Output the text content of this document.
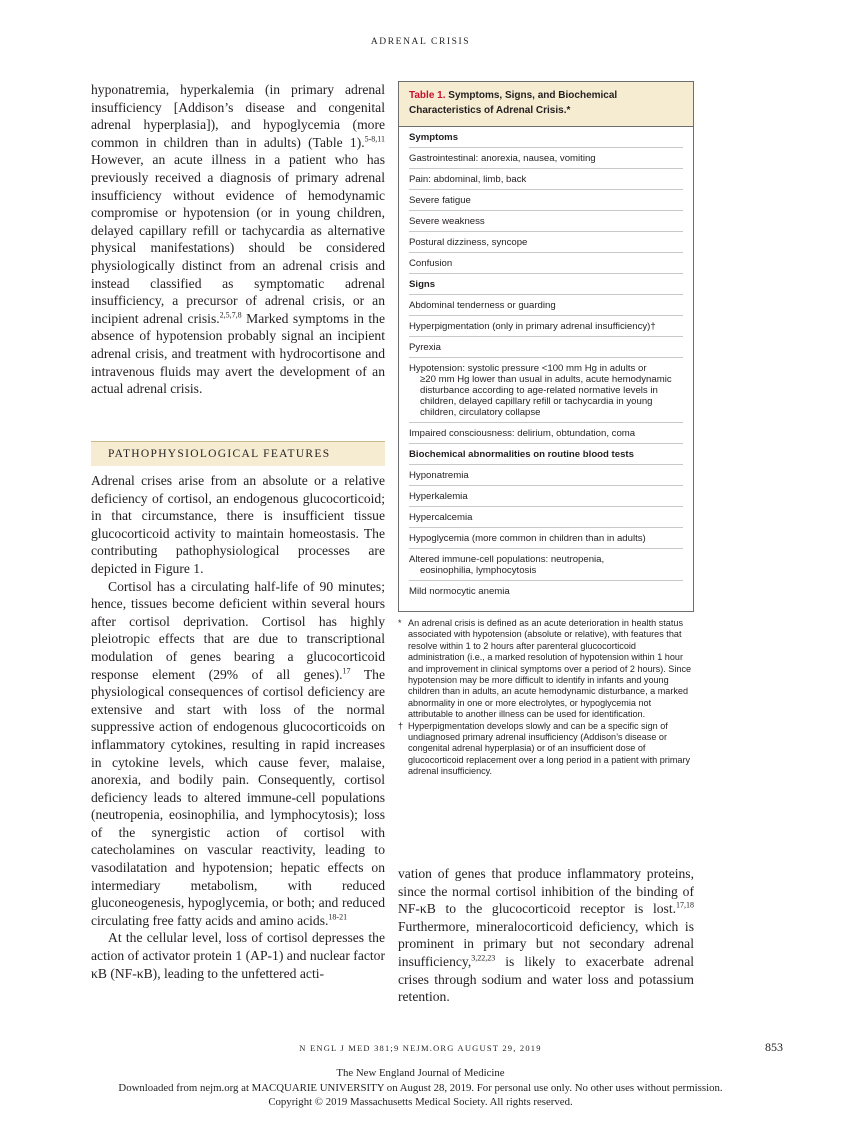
ADRENAL CRISIS

hyponatremia, hyperkalemia (in primary adrenal insufficiency [Addison’s disease and congenital adrenal hyperplasia]), and hypoglycemia (more common in children than in adults) (Table 1).$^{5-8,11}$ However, an acute illness in a patient who has previously received a diagnosis of primary adrenal insufficiency without evidence of hemodynamic compromise or hypotension (or in young children, delayed capillary refill or tachycardia as alternative physical manifestations) should be considered physiologically distinct from an adrenal crisis and instead classified as symptomatic adrenal insufficiency, a precursor of adrenal crisis, or an incipient adrenal crisis.$^{2,5,7,8}$ Marked symptoms in the absence of hypotension probably signal an incipient adrenal crisis, and treatment with hydrocortisone and intravenous fluids may avert the development of an actual adrenal crisis.

PATHOPHYSIOLOGICAL FEATURES

Adrenal crises arise from an absolute or a relative deficiency of cortisol, an endogenous glucocorticoid; in that circumstance, there is insufficient tissue glucocorticoid activity to maintain homeostasis. The contributing pathophysiological processes are depicted in Figure 1.

Cortisol has a circulating half-life of 90 minutes; hence, tissues become deficient within several hours after cortisol deprivation. Cortisol has highly pleiotropic effects that are due to transcriptional modulation of genes bearing a glucocorticoid response element (29% of all genes).$^{17}$ The physiological consequences of cortisol deficiency are extensive and start with loss of the normal suppressive action of endogenous glucocorticoids on inflammatory cytokines, resulting in rapid increases in cytokine levels, which cause fever, malaise, anorexia, and bodily pain. Consequently, cortisol deficiency leads to altered immune-cell populations (neutropenia, eosinophilia, and lymphocytosis); loss of the synergistic action of cortisol with catecholamines on vascular reactivity, leading to vasodilatation and hypotension; hepatic effects on intermediary metabolism, with reduced gluconeogenesis, hypoglycemia, or both; and reduced circulating free fatty acids and amino acids.$^{18-21}$

At the cellular level, loss of cortisol depresses the action of activator protein 1 (AP-1) and nuclear factor κB (NF-κB), leading to the unfettered acti-

Table 1. Symptoms, Signs, and Biochemical Characteristics of Adrenal Crisis.*
Symptoms
Gastrointestinal: anorexia, nausea, vomiting
Pain: abdominal, limb, back
Severe fatigue
Severe weakness
Postural dizziness, syncope
Confusion
Signs
Abdominal tenderness or guarding
Hyperpigmentation (only in primary adrenal insufficiency)†
Pyrexia
Hypotension: systolic pressure <100 mm Hg in adults or
≥20 mm Hg lower than usual in adults, acute hemodynamic disturbance according to age-related normative levels in children, delayed capillary refill or tachycardia in young children, circulatory collapse
Impaired consciousness: delirium, obtundation, coma
Biochemical abnormalities on routine blood tests
Hyponatremia
Hyperkalemia
Hypercalcemia
Hypoglycemia (more common in children than in adults)
Altered immune-cell populations: neutropenia,
eosinophilia, lymphocytosis
Mild normocytic anemia
* An adrenal crisis is defined as an acute deterioration in health status associated with hypotension (absolute or relative), with features that resolve within 1 to 2 hours after parenteral glucocorticoid administration (i.e., a marked resolution of hypotension within 1 hour and improvement in clinical symptoms over a period of 2 hours). Since hypotension may be more difficult to identify in infants and young children than in adults, an acute hemodynamic disturbance, a marked abnormality in one or more electrolytes, or hypoglycemia not attributable to another illness can be used for identification.
† Hyperpigmentation develops slowly and can be a specific sign of undiagnosed primary adrenal insufficiency (Addison’s disease or congenital adrenal hyperplasia) or of an insufficient dose of glucocorticoid replacement over a long period in a patient with primary adrenal insufficiency.

vation of genes that produce inflammatory proteins, since the normal cortisol inhibition of the binding of NF-κB to the glucocorticoid receptor is lost.$^{17,18}$ Furthermore, mineralocorticoid deficiency, which is prominent in primary but not secondary adrenal insufficiency,$^{3,22,23}$ is likely to exacerbate adrenal crises through sodium and water loss and potassium retention.

N ENGL J MED 381;9 NEJM.ORG AUGUST 29, 2019	853
The New England Journal of Medicine
Downloaded from nejm.org at MACQUARIE UNIVERSITY on August 28, 2019. For personal use only. No other uses without permission.
Copyright © 2019 Massachusetts Medical Society. All rights reserved.
